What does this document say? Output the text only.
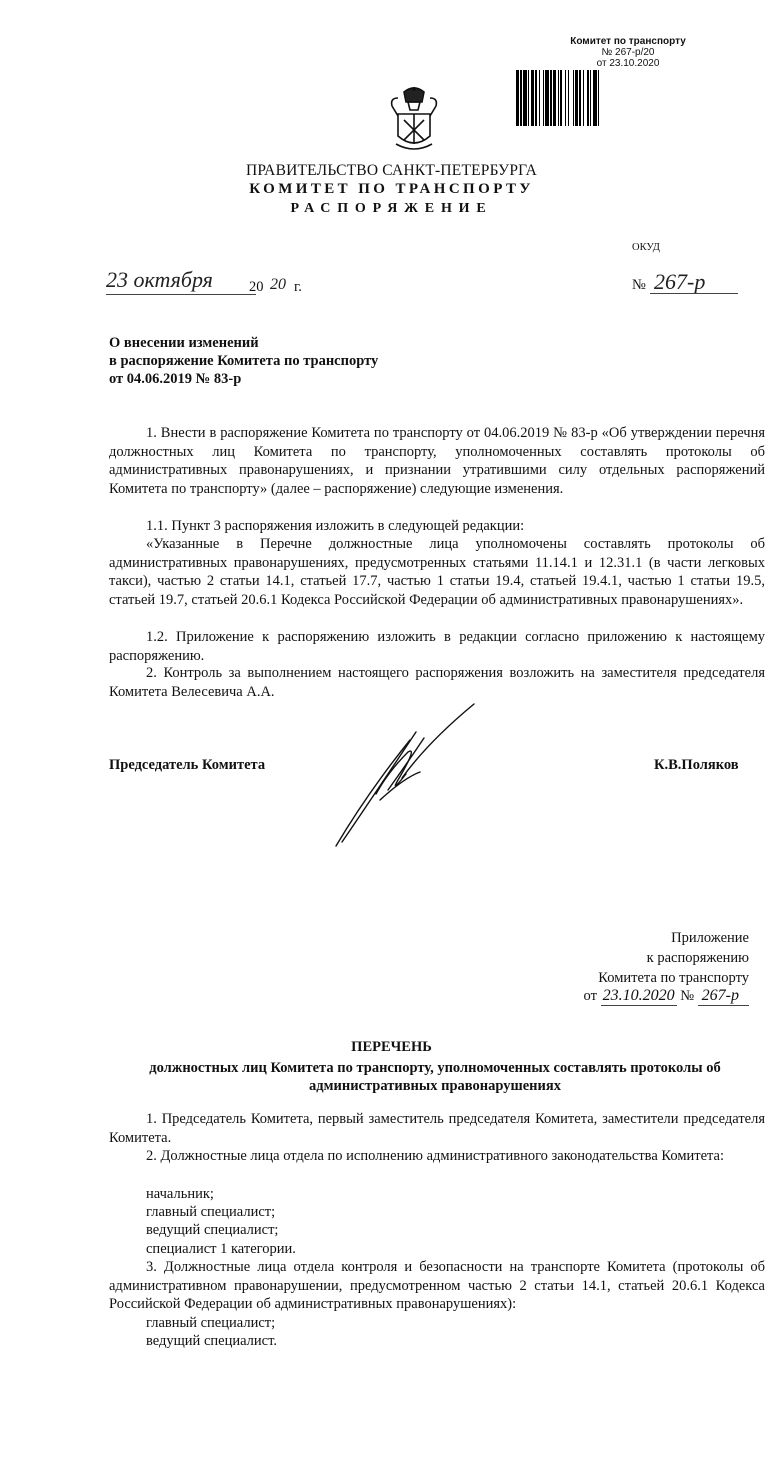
Комитет по транспорту
№ 267-р/20
от 23.10.2020
ПРАВИТЕЛЬСТВО САНКТ-ПЕТЕРБУРГА
КОМИТЕТ ПО ТРАНСПОРТУ
РАСПОРЯЖЕНИЕ
ОКУД
23 октября	20
20 г.	№ 267-р
О внесении изменений
в распоряжение Комитета по транспорту
от 04.06.2019 № 83-р
1. Внести в распоряжение Комитета по транспорту от 04.06.2019 № 83-р «Об утверждении перечня должностных лиц Комитета по транспорту, уполномоченных составлять протоколы об административных правонарушениях, и признании утратившими силу отдельных распоряжений Комитета по транспорту» (далее – распоряжение) следующие изменения.
1.1. Пункт 3 распоряжения изложить в следующей редакции:
«Указанные в Перечне должностные лица уполномочены составлять протоколы об административных правонарушениях, предусмотренных статьями 11.14.1 и 12.31.1 (в части легковых такси), частью 2 статьи 14.1, статьей 17.7, частью 1 статьи 19.4, статьей 19.4.1, частью 1 статьи 19.5, статьей 19.7, статьей 20.6.1 Кодекса Российской Федерации об административных правонарушениях».
1.2. Приложение к распоряжению изложить в редакции согласно приложению к настоящему распоряжению.
2. Контроль за выполнением настоящего распоряжения возложить на заместителя председателя Комитета Велесевича А.А.
Председатель Комитета	К.В.Поляков
Приложение
к распоряжению
Комитета по транспорту
от 23.10.2020 № 267-р
ПЕРЕЧЕНЬ
должностных лиц Комитета по транспорту, уполномоченных составлять протоколы об административных правонарушениях
1. Председатель Комитета, первый заместитель председателя Комитета, заместители председателя Комитета.
2. Должностные лица отдела по исполнению административного законодательства Комитета:
начальник;
главный специалист;
ведущий специалист;
специалист 1 категории.
3. Должностные лица отдела контроля и безопасности на транспорте Комитета (протоколы об административном правонарушении, предусмотренном частью 2 статьи 14.1, статьей 20.6.1 Кодекса Российской Федерации об административных правонарушениях):
главный специалист;
ведущий специалист.
